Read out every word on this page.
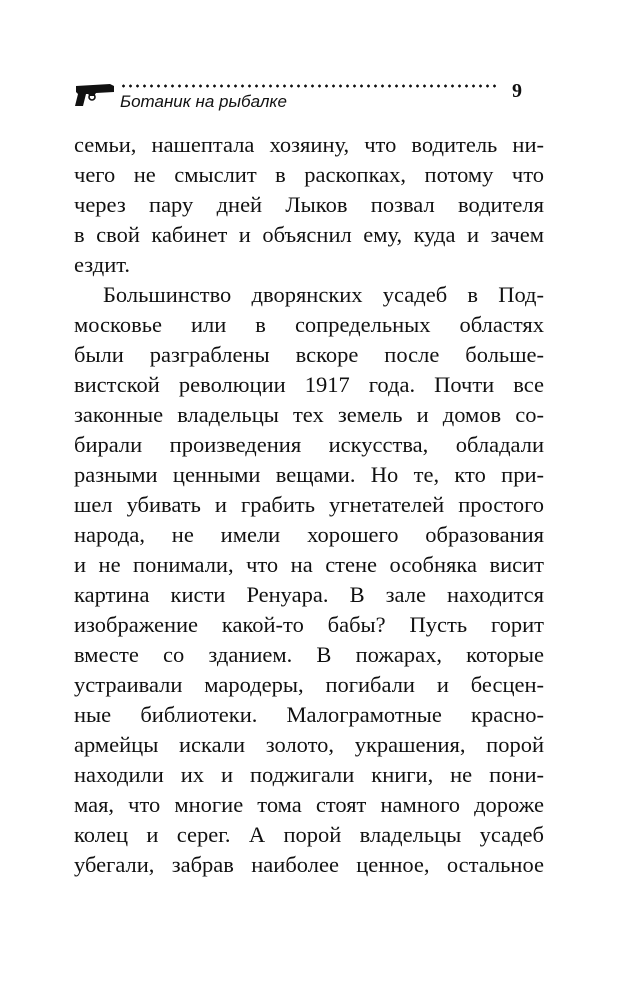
Ботаник на рыбалке	9
семьи, нашептала хозяину, что водитель ни-
чего не смыслит в раскопках, потому что
через пару дней Лыков позвал водителя
в свой кабинет и объяснил ему, куда и зачем
ездит.
Большинство дворянских усадеб в Под-
московье или в сопредельных областях
были разграблены вскоре после больше-
вистской революции 1917 года. Почти все
законные владельцы тех земель и домов со-
бирали произведения искусства, обладали
разными ценными вещами. Но те, кто при-
шел убивать и грабить угнетателей простого
народа, не имели хорошего образования
и не понимали, что на стене особняка висит
картина кисти Ренуара. В зале находится
изображение какой-то бабы? Пусть горит
вместе со зданием. В пожарах, которые
устраивали мародеры, погибали и бесцен-
ные библиотеки. Малограмотные красно-
армейцы искали золото, украшения, порой
находили их и поджигали книги, не пони-
мая, что многие тома стоят намного дороже
колец и серег. А порой владельцы усадеб
убегали, забрав наиболее ценное, остальное
